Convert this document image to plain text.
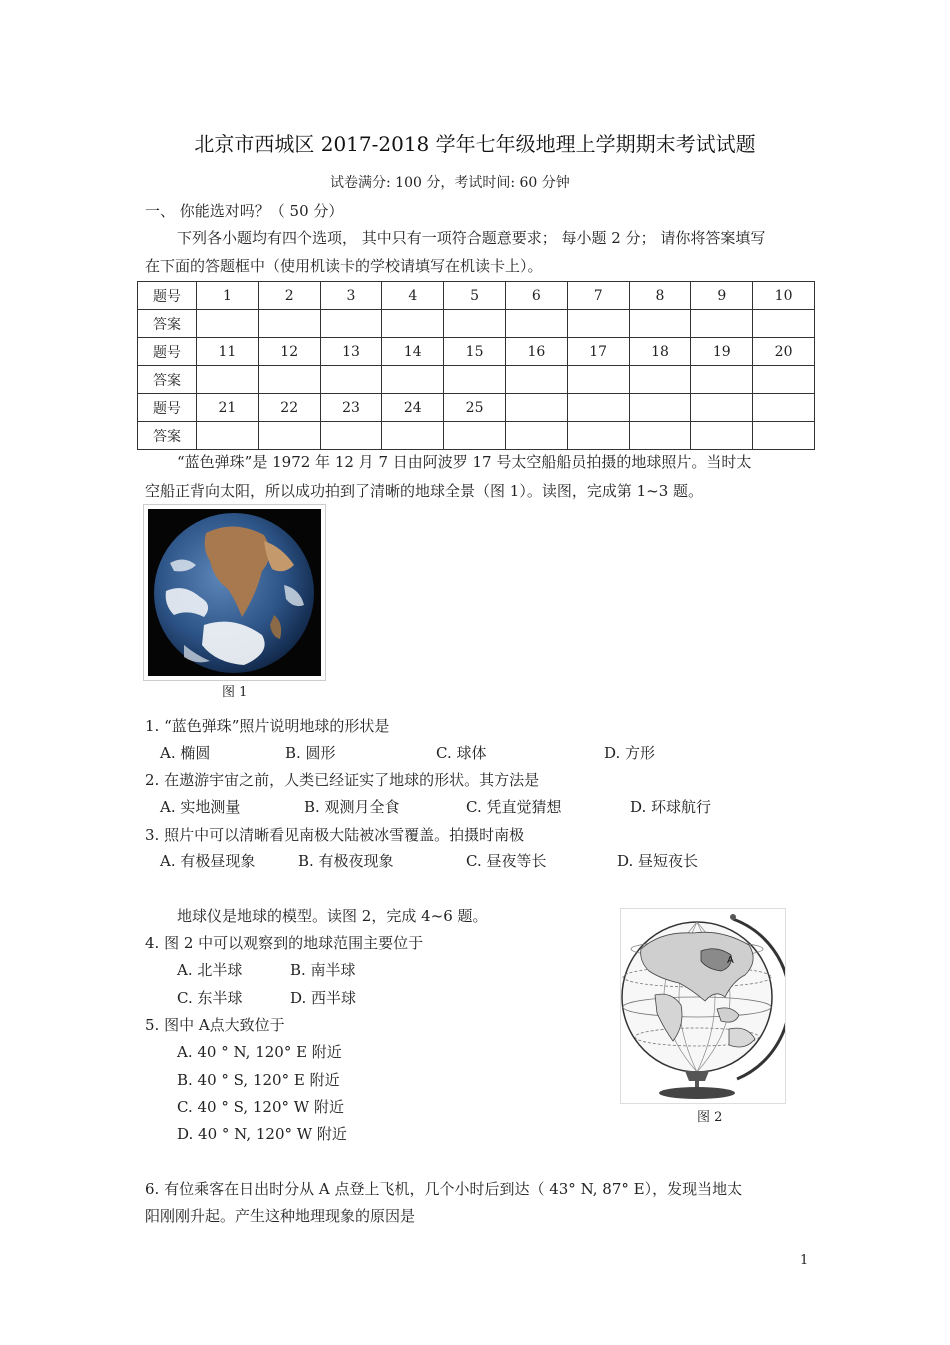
北京市西城区 2017-2018 学年七年级地理上学期期末考试试题
试卷满分: 100 分，考试时间: 60 分钟
一、 你能选对吗？（ 50 分）
下列各小题均有四个选项， 其中只有一项符合题意要求； 每小题 2 分； 请你将答案填写
在下面的答题框中（使用机读卡的学校请填写在机读卡上）。
题号	1	2	3	4	5	6	7	8	9	10
答案										
题号	11	12	13	14	15	16	17	18	19	20
答案										
题号	21	22	23	24	25					
答案										
“蓝色弹珠”是 1972 年 12 月 7 日由阿波罗 17 号太空船船员拍摄的地球照片。当时太
空船正背向太阳，所以成功拍到了清晰的地球全景（图 1）。读图，完成第 1~3 题。
图 1
1. “蓝色弹珠”照片说明地球的形状是
A. 椭圆	B. 圆形	C. 球体	D. 方形
2. 在遨游宇宙之前，人类已经证实了地球的形状。其方法是
A. 实地测量	B. 观测月全食	C. 凭直觉猜想	D. 环球航行
3. 照片中可以清晰看见南极大陆被冰雪覆盖。拍摄时南极
A. 有极昼现象	B. 有极夜现象	C. 昼夜等长	D. 昼短夜长
地球仪是地球的模型。读图 2，完成 4~6 题。
4. 图 2 中可以观察到的地球范围主要位于
A. 北半球	B. 南半球
C. 东半球	D. 西半球
5. 图中 A点大致位于
A. 40 ° N, 120° E 附近
B. 40 ° S, 120° E 附近
C. 40 ° S, 120° W 附近
D. 40 ° N, 120° W 附近
A
图 2
6. 有位乘客在日出时分从 A 点登上飞机，几个小时后到达（ 43° N, 87° E），发现当地太
阳刚刚升起。产生这种地理现象的原因是
1
